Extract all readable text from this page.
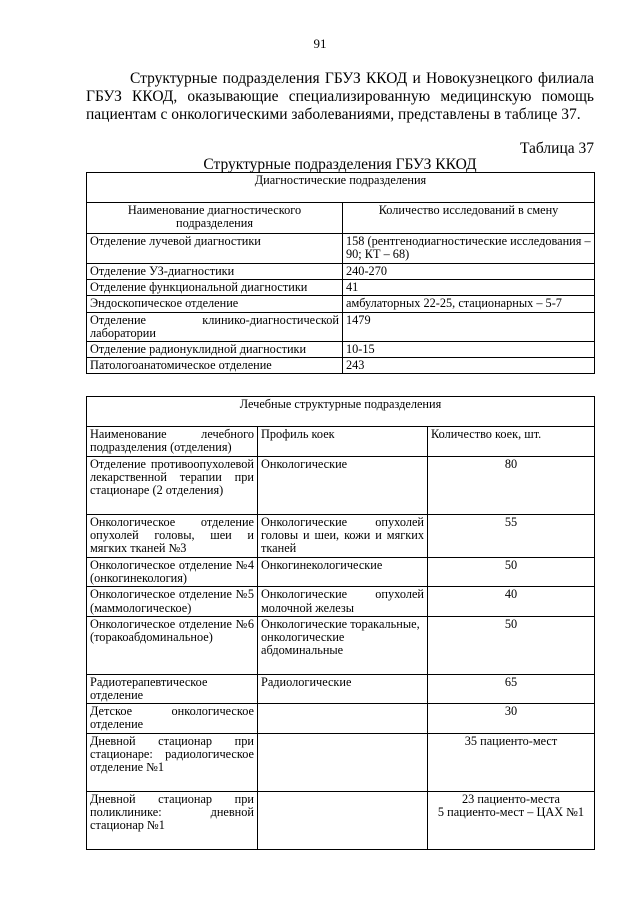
91

Структурные подразделения ГБУЗ ККОД и Новокузнецкого филиала ГБУЗ ККОД, оказывающие специализированную медицинскую помощь пациентам с онкологическими заболеваниями, представлены в таблице 37.

Таблица 37
Структурные подразделения ГБУЗ ККОД
Диагностические подразделения	
Наименование диагностического подразделения	Количество исследований в смену
Отделение лучевой диагностики	158 (рентгенодиагностические исследования – 90; КТ – 68)
Отделение УЗ-диагностики	240-270
Отделение функциональной диагностики	41
Эндоскопическое отделение	амбулаторных 22-25, стационарных – 5-7
Отделение клинико-диагностической лаборатории	1479
Отделение радионуклидной диагностики	10-15
Патологоанатомическое отделение	243
Лечебные структурные подразделения		
Наименование лечебного подразделения (отделения)	Профиль коек	Количество коек, шт.
Отделение противоопухолевой лекарственной терапии при стационаре (2 отделения)	Онкологические	80
Онкологическое отделение опухолей головы, шеи и мягких тканей №3	Онкологические опухолей головы и шеи, кожи и мягких тканей	55
Онкологическое отделение №4 (онкогинекология)	Онкогинекологические	50
Онкологическое отделение №5 (маммологическое)	Онкологические опухолей молочной железы	40
Онкологическое отделение №6 (торакоабдоминальное)	Онкологические торакальные, онкологические абдоминальные	50
Радиотерапевтическое отделение	Радиологические	65
Детское онкологическое отделение		30
Дневной стационар при стационаре: радиологическое отделение №1		35 пациенто-мест
Дневной стационар при поликлинике: дневной стационар №1		23 пациенто-места
5 пациенто-мест – ЦАХ №1
